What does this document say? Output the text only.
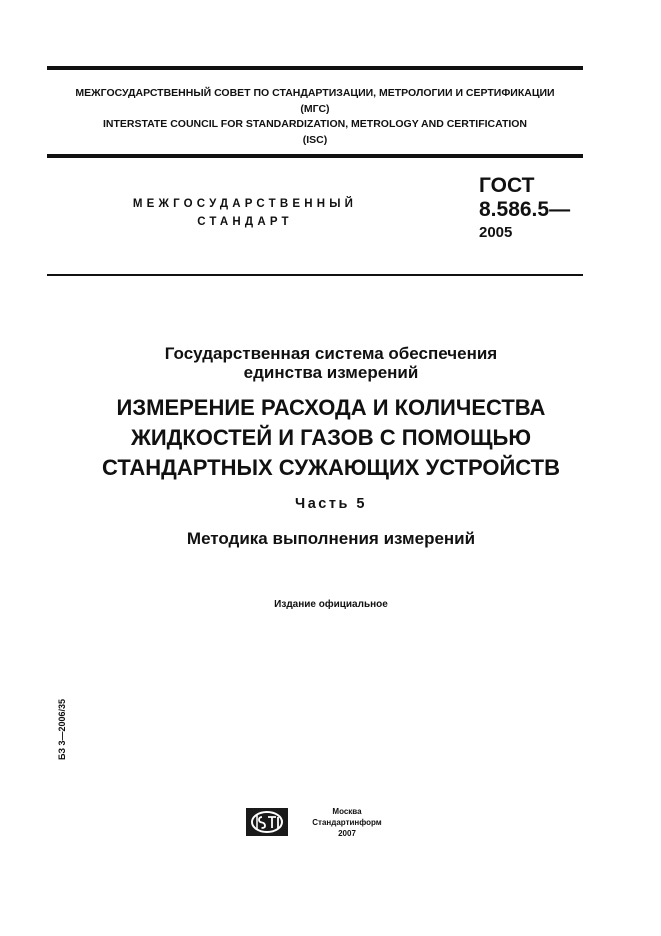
МЕЖГОСУДАРСТВЕННЫЙ СОВЕТ ПО СТАНДАРТИЗАЦИИ, МЕТРОЛОГИИ И СЕРТИФИКАЦИИ
(МГС)
INTERSTATE COUNCIL FOR STANDARDIZATION, METROLOGY AND CERTIFICATION
(ISC)
МЕЖГОСУДАРСТВЕННЫЙ
СТАНДАРТ
ГОСТ
8.586.5—
2005
Государственная система обеспечения
единства измерений
ИЗМЕРЕНИЕ РАСХОДА И КОЛИЧЕСТВА
ЖИДКОСТЕЙ И ГАЗОВ С ПОМОЩЬЮ
СТАНДАРТНЫХ СУЖАЮЩИХ УСТРОЙСТВ
Часть 5
Методика выполнения измерений
Издание официальное
БЗ 3—2006/35
Москва
Стандартинформ
2007
